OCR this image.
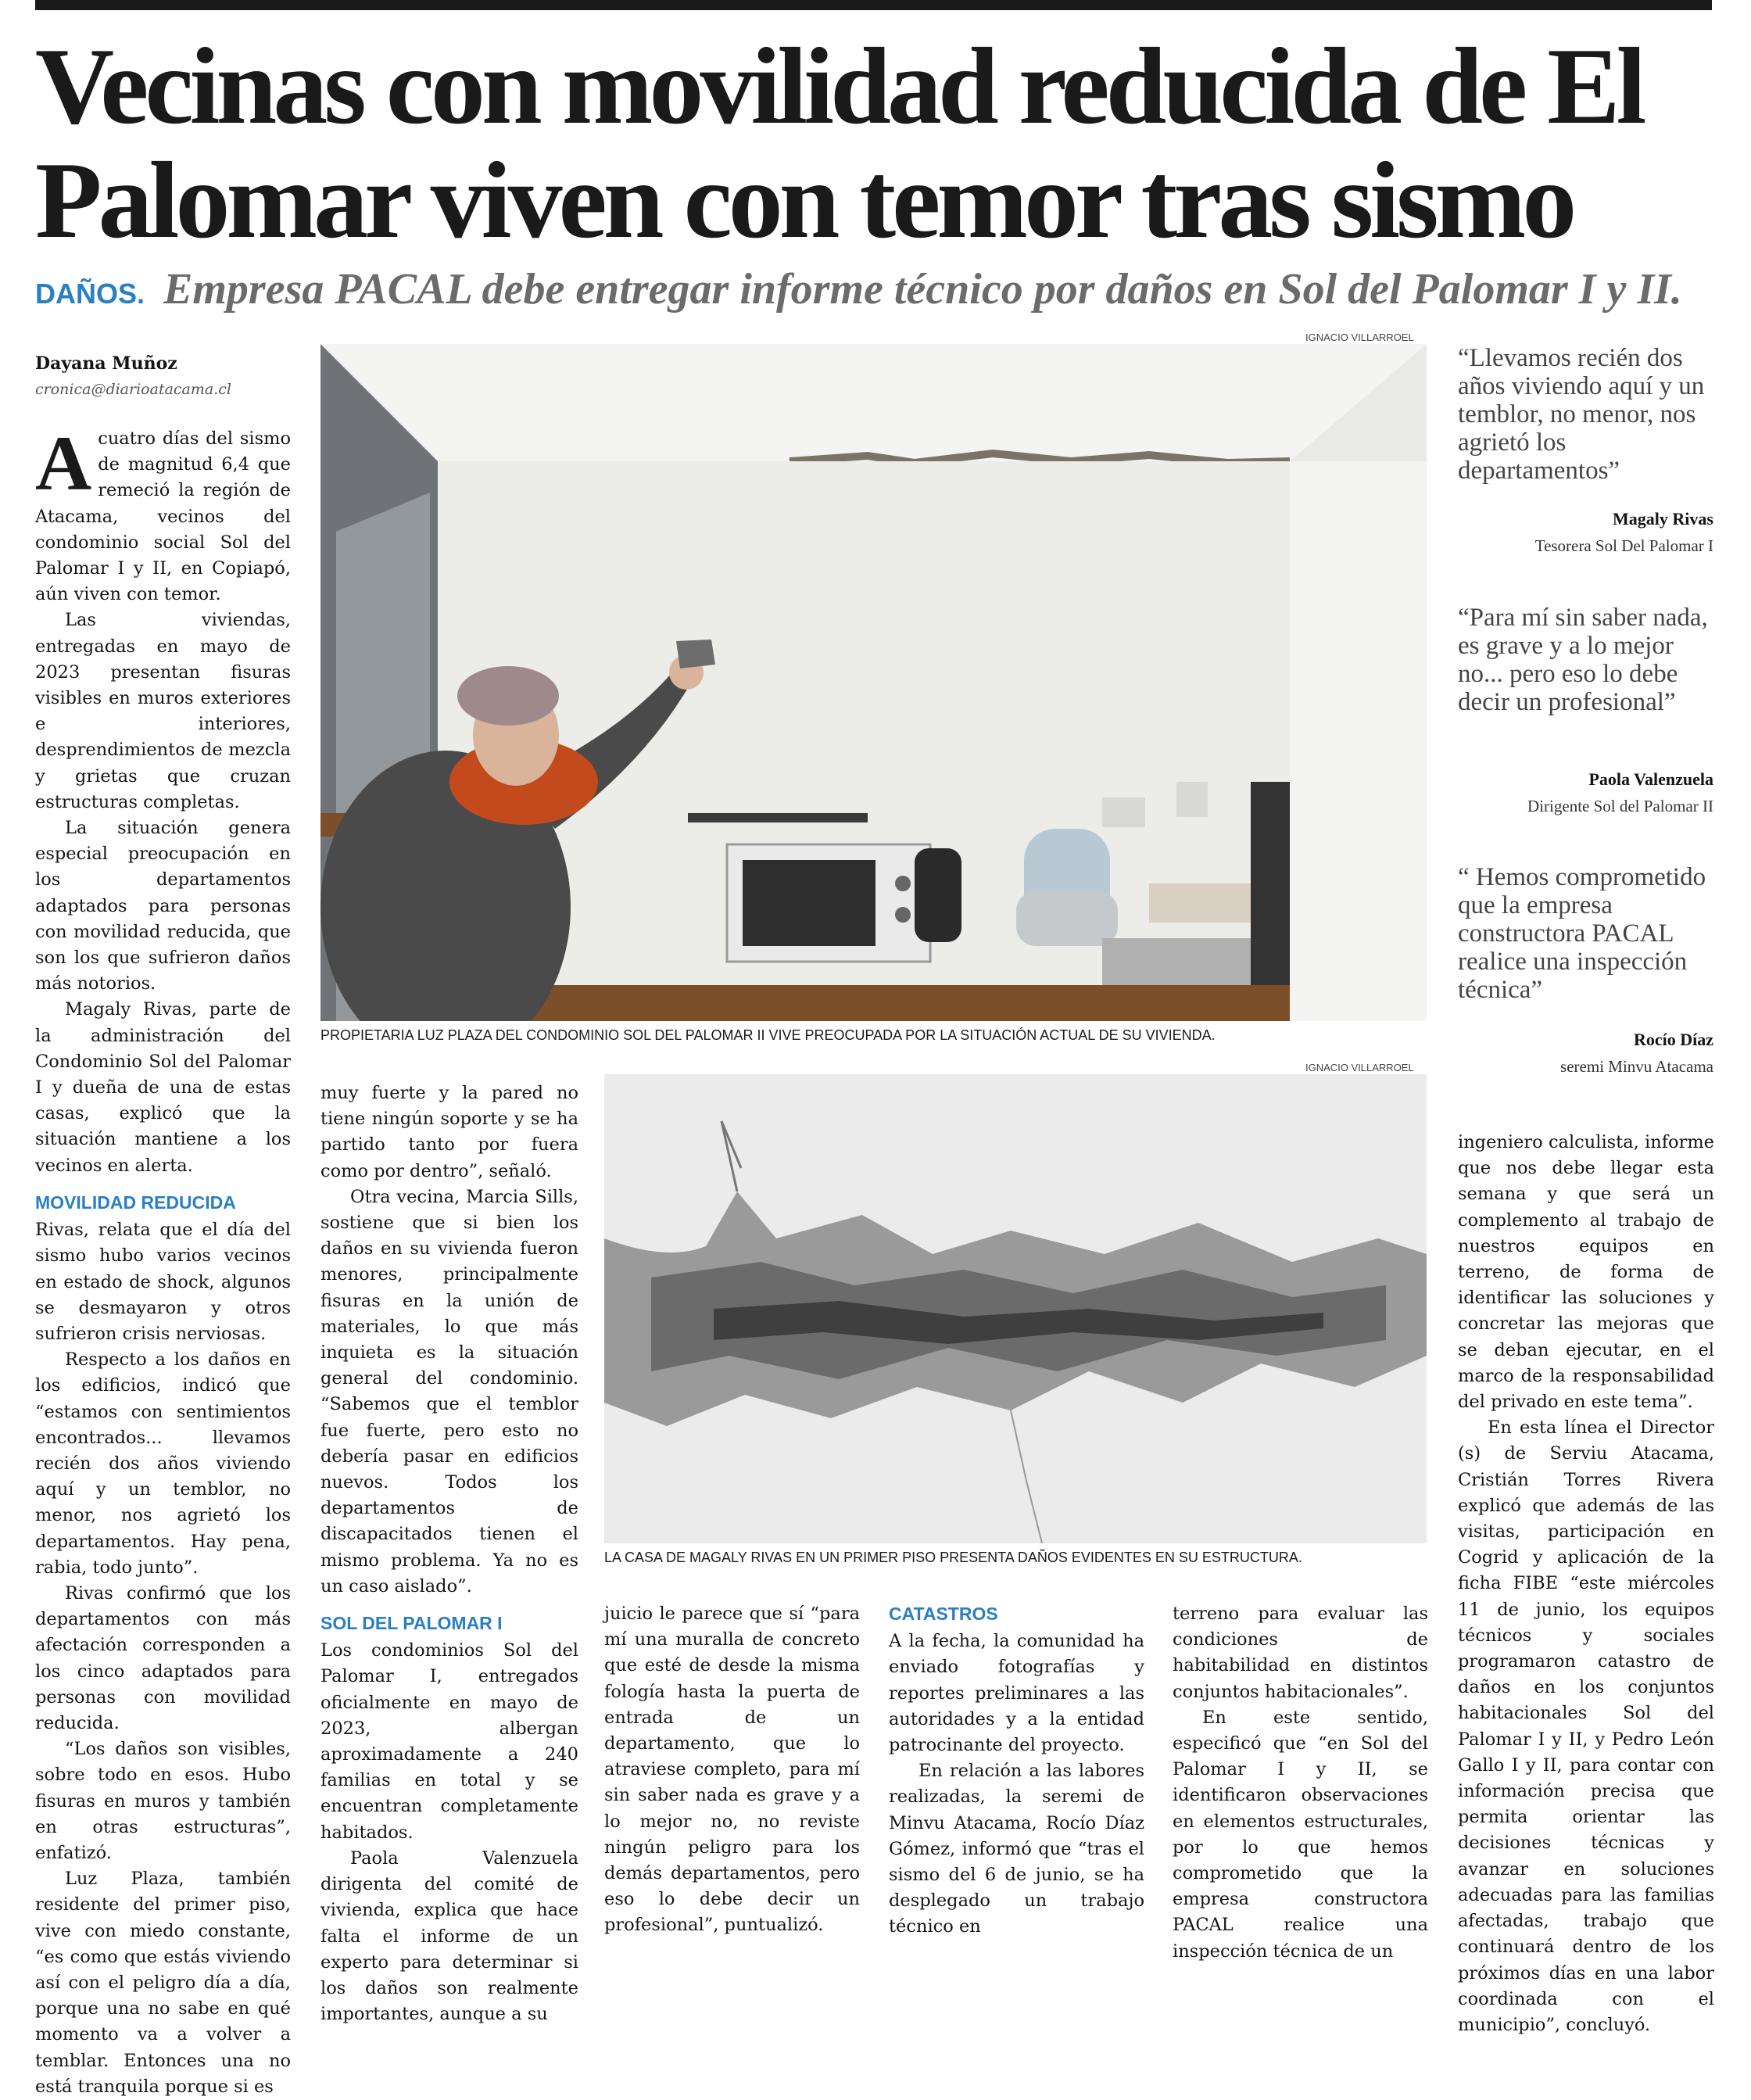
Vecinas con movilidad reducida de El Palomar viven con temor tras sismo
DAÑOS. Empresa PACAL debe entregar informe técnico por daños en Sol del Palomar I y II.
Dayana Muñoz
cronica@diarioatacama.cl

Acuatro días del sismo de magnitud 6,4 que remeció la región de Atacama, vecinos del condominio social Sol del Palomar I y II, en Copiapó, aún viven con temor.

Las viviendas, entregadas en mayo de 2023 presentan fisuras visibles en muros exteriores e interiores, desprendimientos de mezcla y grietas que cruzan estructuras completas.

La situación genera especial preocupación en los departamentos adaptados para personas con movilidad reducida, que son los que sufrieron daños más notorios.

Magaly Rivas, parte de la administración del Condominio Sol del Palomar I y dueña de una de estas casas, explicó que la situación mantiene a los vecinos en alerta.

MOVILIDAD REDUCIDA

Rivas, relata que el día del sismo hubo varios vecinos en estado de shock, algunos se desmayaron y otros sufrieron crisis nerviosas.

Respecto a los daños en los edificios, indicó que “estamos con sentimientos encontrados... llevamos recién dos años viviendo aquí y un temblor, no menor, nos agrietó los departamentos. Hay pena, rabia, todo junto”.

Rivas confirmó que los departamentos con más afectación corresponden a los cinco adaptados para personas con movilidad reducida.

“Los daños son visibles, sobre todo en esos. Hubo fisuras en muros y también en otras estructuras”, enfatizó.

Luz Plaza, también residente del primer piso, vive con miedo constante, “es como que estás viviendo así con el peligro día a día, porque una no sabe en qué momento va a volver a temblar. Entonces una no está tranquila porque si es

IGNACIO VILLARROEL
PROPIETARIA LUZ PLAZA DEL CONDOMINIO SOL DEL PALOMAR II VIVE PREOCUPADA POR LA SITUACIÓN ACTUAL DE SU VIVIENDA.
“Llevamos recién dos años viviendo aquí y un temblor, no menor, nos agrietó los departamentos”
Magaly Rivas
Tesorera Sol Del Palomar I
“Para mí sin saber nada, es grave y a lo mejor no... pero eso lo debe decir un profesional”
Paola Valenzuela
Dirigente Sol del Palomar II
“ Hemos comprometido que la empresa constructora PACAL realice una inspección técnica”
Rocío Díaz
seremi Minvu Atacama

muy fuerte y la pared no tiene ningún soporte y se ha partido tanto por fuera como por dentro”, señaló.

Otra vecina, Marcia Sills, sostiene que si bien los daños en su vivienda fueron menores, principalmente fisuras en la unión de materiales, lo que más inquieta es la situación general del condominio. “Sabemos que el temblor fue fuerte, pero esto no debería pasar en edificios nuevos. Todos los departamentos de discapacitados tienen el mismo problema. Ya no es un caso aislado”.

SOL DEL PALOMAR I

Los condominios Sol del Palomar I, entregados oficialmente en mayo de 2023, albergan aproximadamente a 240 familias en total y se encuentran completamente habitados.

Paola Valenzuela dirigenta del comité de vivienda, explica que hace falta el informe de un experto para determinar si los daños son realmente importantes, aunque a su

IGNACIO VILLARROEL
LA CASA DE MAGALY RIVAS EN UN PRIMER PISO PRESENTA DAÑOS EVIDENTES EN SU ESTRUCTURA.

juicio le parece que sí “para mí una muralla de concreto que esté de desde la misma fología hasta la puerta de entrada de un departamento, que lo atraviese completo, para mí sin saber nada es grave y a lo mejor no, no reviste ningún peligro para los demás departamentos, pero eso lo debe decir un profesional”, puntualizó.

CATASTROS

A la fecha, la comunidad ha enviado fotografías y reportes preliminares a las autoridades y a la entidad patrocinante del proyecto.

En relación a las labores realizadas, la seremi de Minvu Atacama, Rocío Díaz Gómez, informó que “tras el sismo del 6 de junio, se ha desplegado un trabajo técnico en

terreno para evaluar las condiciones de habitabilidad en distintos conjuntos habitacionales”.

En este sentido, especificó que “en Sol del Palomar I y II, se identificaron observaciones en elementos estructurales, por lo que hemos comprometido que la empresa constructora PACAL realice una inspección técnica de un

ingeniero calculista, informe que nos debe llegar esta semana y que será un complemento al trabajo de nuestros equipos en terreno, de forma de identificar las soluciones y concretar las mejoras que se deban ejecutar, en el marco de la responsabilidad del privado en este tema”.

En esta línea el Director (s) de Serviu Atacama, Cristián Torres Rivera explicó que además de las visitas, participación en Cogrid y aplicación de la ficha FIBE “este miércoles 11 de junio, los equipos técnicos y sociales programaron catastro de daños en los conjuntos habitacionales Sol del Palomar I y II, y Pedro León Gallo I y II, para contar con información precisa que permita orientar las decisiones técnicas y avanzar en soluciones adecuadas para las familias afectadas, trabajo que continuará dentro de los próximos días en una labor coordinada con el municipio”, concluyó.
